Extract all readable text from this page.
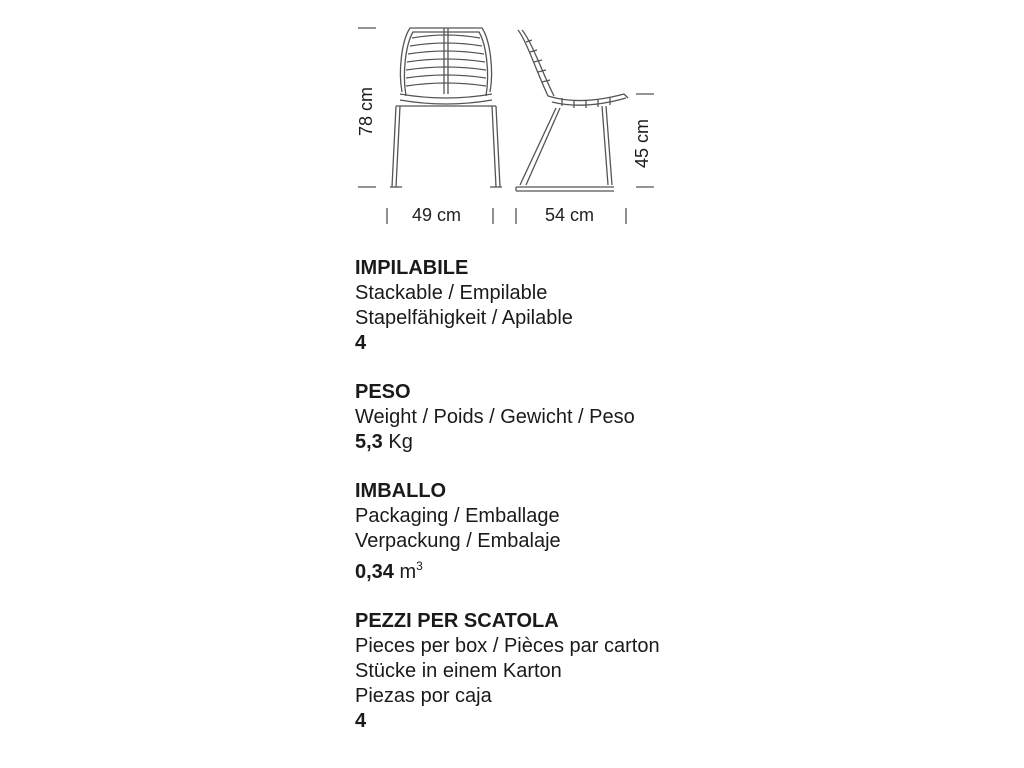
78 cm
45 cm
49 cm	54 cm
IMPILABILE
Stackable / Empilable
Stapelfähigkeit / Apilable
4
PESO
Weight / Poids / Gewicht / Peso
5,3 Kg
IMBALLO
Packaging / Emballage
Verpackung / Embalaje
0,34 $m^3$
PEZZI PER SCATOLA
Pieces per box / Pièces par carton
Stücke in einem Karton
Piezas por caja
4
